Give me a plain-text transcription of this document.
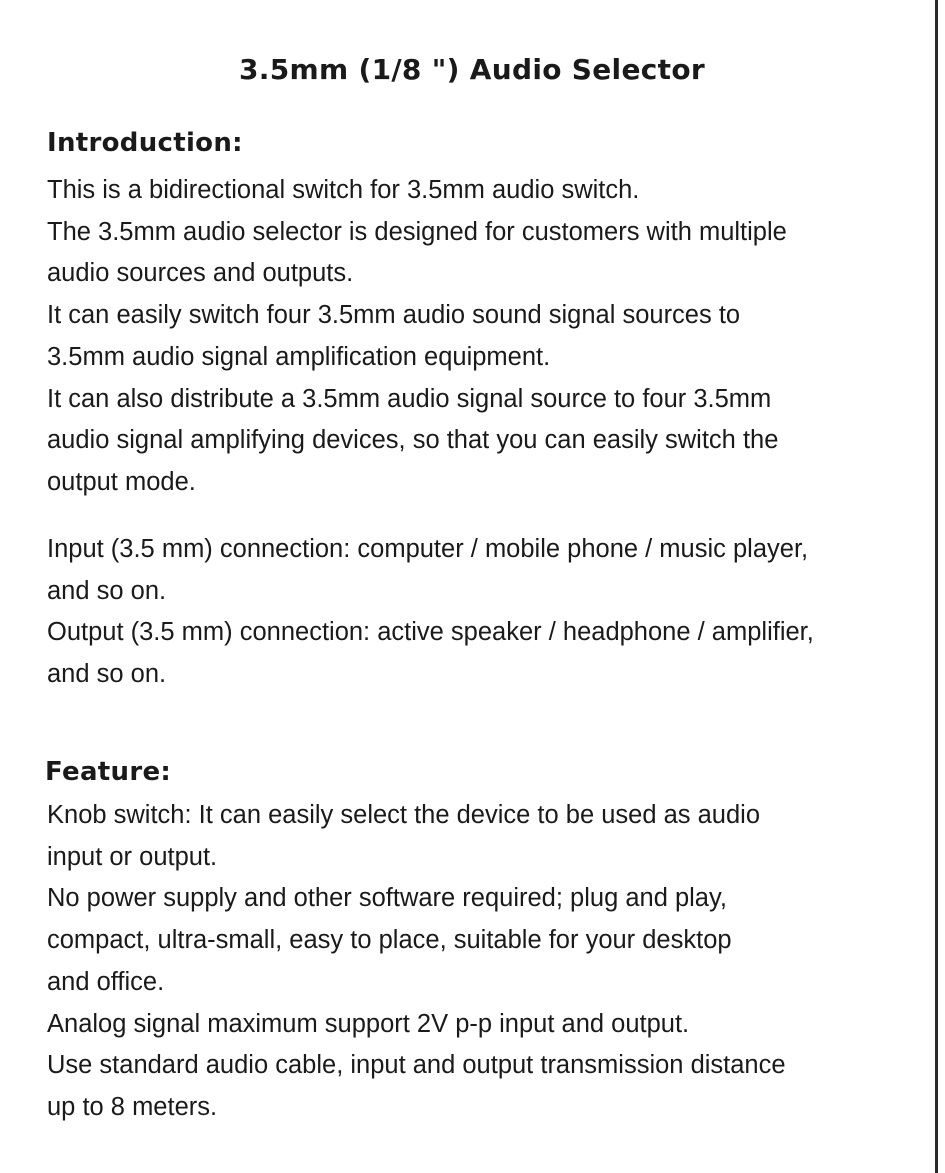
3.5mm (1/8 ") Audio Selector
Introduction:

This is a bidirectional switch for 3.5mm audio switch.
The 3.5mm audio selector is designed for customers with multiple
audio sources and outputs.
It can easily switch four 3.5mm audio sound signal sources to
3.5mm audio signal amplification equipment.
It can also distribute a 3.5mm audio signal source to four 3.5mm
audio signal amplifying devices, so that you can easily switch the
output mode.

Input (3.5 mm) connection: computer / mobile phone / music player,
and so on.
Output (3.5 mm) connection: active speaker / headphone / amplifier,
and so on.

Feature:

Knob switch: It can easily select the device to be used as audio
input or output.
No power supply and other software required; plug and play,
compact, ultra-small, easy to place, suitable for your desktop
and office.
Analog signal maximum support 2V p-p input and output.
Use standard audio cable, input and output transmission distance
up to 8 meters.
